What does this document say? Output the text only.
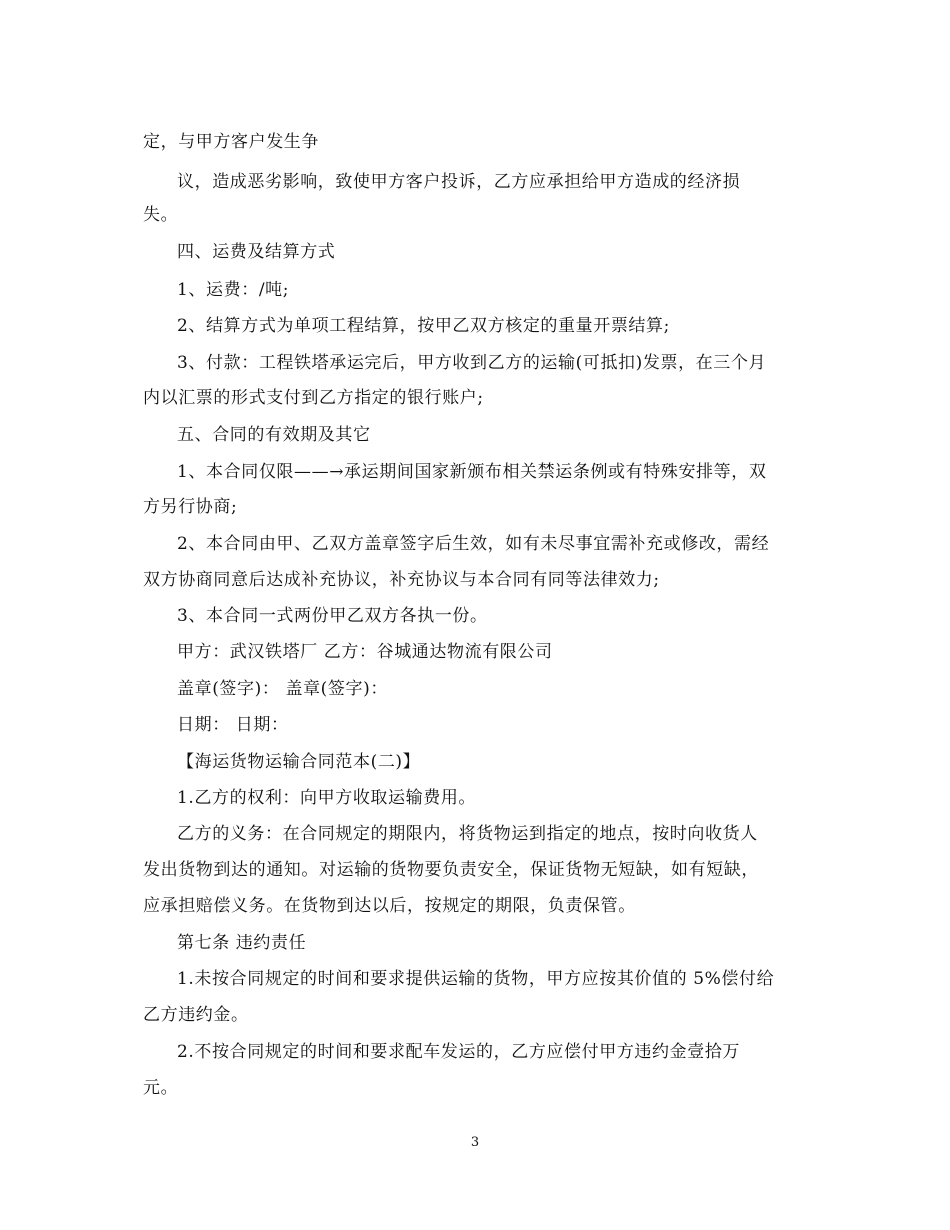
定，与甲方客户发生争
议，造成恶劣影响，致使甲方客户投诉，乙方应承担给甲方造成的经济损
失。
四、运费及结算方式
1、运费：/吨;
2、结算方式为单项工程结算，按甲乙双方核定的重量开票结算;
3、付款：工程铁塔承运完后，甲方收到乙方的运输(可抵扣)发票，在三个月
内以汇票的形式支付到乙方指定的银行账户;
五、合同的有效期及其它
1、本合同仅限——→承运期间国家新颁布相关禁运条例或有特殊安排等，双
方另行协商;
2、本合同由甲、乙双方盖章签字后生效，如有未尽事宜需补充或修改，需经
双方协商同意后达成补充协议，补充协议与本合同有同等法律效力;
3、本合同一式两份甲乙双方各执一份。
甲方：武汉铁塔厂 乙方：谷城通达物流有限公司
盖章(签字)： 盖章(签字)：
日期： 日期：
【海运货物运输合同范本(二)】
1.乙方的权利：向甲方收取运输费用。
乙方的义务：在合同规定的期限内，将货物运到指定的地点，按时向收货人
发出货物到达的通知。对运输的货物要负责安全，保证货物无短缺，如有短缺，
应承担赔偿义务。在货物到达以后，按规定的期限，负责保管。
第七条 违约责任
1.未按合同规定的时间和要求提供运输的货物，甲方应按其价值的 5%偿付给
乙方违约金。
2.不按合同规定的时间和要求配车发运的，乙方应偿付甲方违约金壹拾万
元。
3
